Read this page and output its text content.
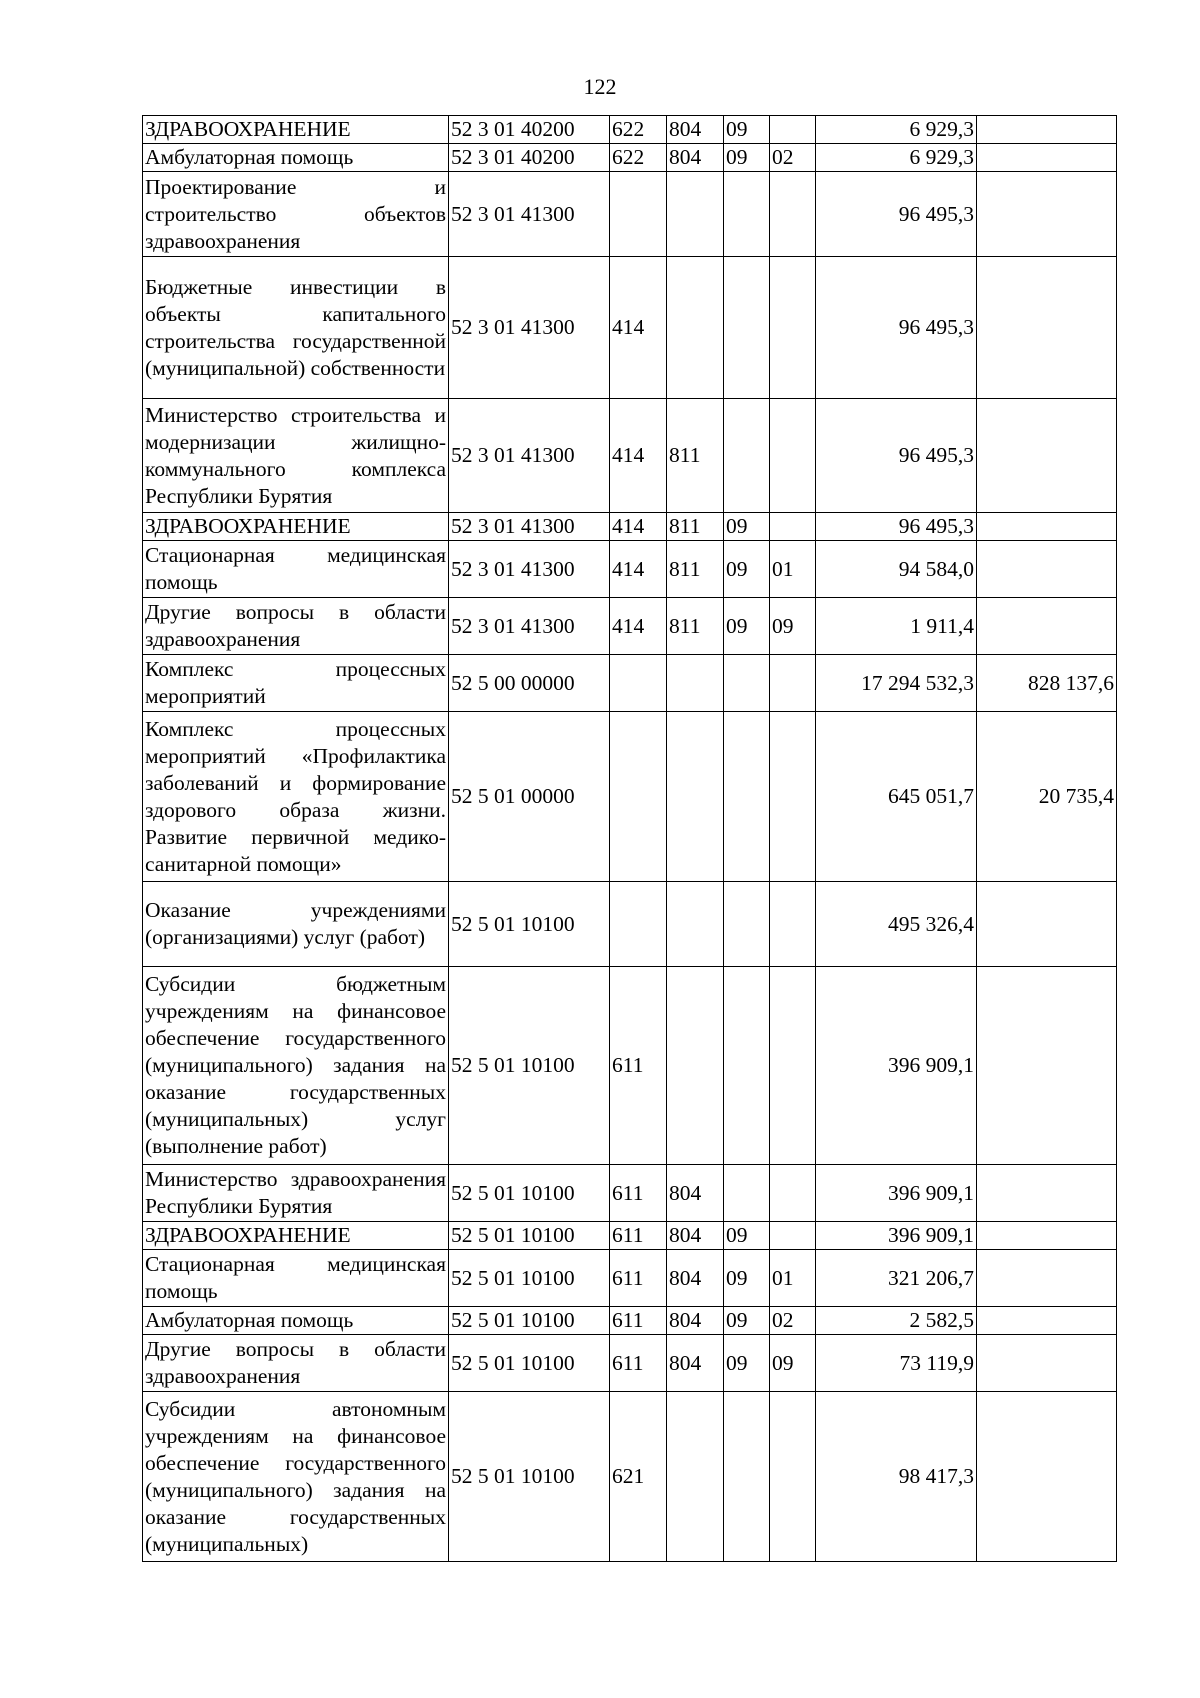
122
ЗДРАВООХРАНЕНИЕ	52 3 01 40200	622	804	09		6 929,3	
Амбулаторная помощь	52 3 01 40200	622	804	09	02	6 929,3	
Проектирование и строительство объектов здравоохранения	52 3 01 41300					96 495,3	
Бюджетные инвестиции в объекты капитального строительства государственной (муниципальной) собственности	52 3 01 41300	414				96 495,3	
Министерство строительства и модернизации жилищно-коммунального комплекса Республики Бурятия	52 3 01 41300	414	811			96 495,3	
ЗДРАВООХРАНЕНИЕ	52 3 01 41300	414	811	09		96 495,3	
Стационарная медицинская помощь	52 3 01 41300	414	811	09	01	94 584,0	
Другие вопросы в области здравоохранения	52 3 01 41300	414	811	09	09	1 911,4	
Комплекс процессных мероприятий	52 5 00 00000					17 294 532,3	828 137,6
Комплекс процессных мероприятий «Профилактика заболеваний и формирование здорового образа жизни. Развитие первичной медико-санитарной помощи»	52 5 01 00000					645 051,7	20 735,4
Оказание учреждениями (организациями) услуг (работ)	52 5 01 10100					495 326,4	
Субсидии бюджетным учреждениям на финансовое обеспечение государственного (муниципального) задания на оказание государственных (муниципальных) услуг (выполнение работ)	52 5 01 10100	611				396 909,1	
Министерство здравоохранения Республики Бурятия	52 5 01 10100	611	804			396 909,1	
ЗДРАВООХРАНЕНИЕ	52 5 01 10100	611	804	09		396 909,1	
Стационарная медицинская помощь	52 5 01 10100	611	804	09	01	321 206,7	
Амбулаторная помощь	52 5 01 10100	611	804	09	02	2 582,5	
Другие вопросы в области здравоохранения	52 5 01 10100	611	804	09	09	73 119,9	
Субсидии автономным учреждениям на финансовое обеспечение государственного (муниципального) задания на оказание государственных (муниципальных)	52 5 01 10100	621				98 417,3	
